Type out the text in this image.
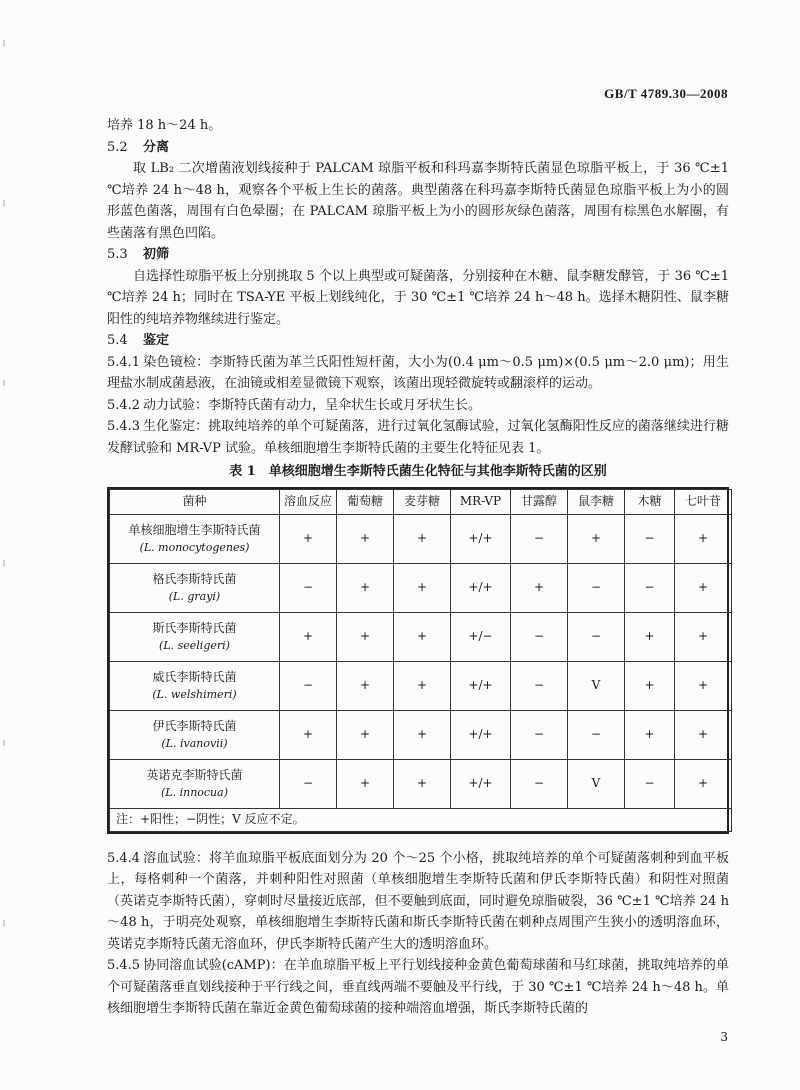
GB/T 4789.30—2008

培养 18 h～24 h。

5.2 分离

取 LB₂ 二次增菌液划线接种于 PALCAM 琼脂平板和科玛嘉李斯特氏菌显色琼脂平板上，于 36 ℃±1 ℃培养 24 h～48 h，观察各个平板上生长的菌落。典型菌落在科玛嘉李斯特氏菌显色琼脂平板上为小的圆形蓝色菌落，周围有白色晕圈；在 PALCAM 琼脂平板上为小的圆形灰绿色菌落，周围有棕黑色水解圈，有些菌落有黑色凹陷。

5.3 初筛

自选择性琼脂平板上分别挑取 5 个以上典型或可疑菌落，分别接种在木糖、鼠李糖发酵管，于 36 ℃±1 ℃培养 24 h；同时在 TSA-YE 平板上划线纯化，于 30 ℃±1 ℃培养 24 h～48 h。选择木糖阴性、鼠李糖阳性的纯培养物继续进行鉴定。

5.4 鉴定

5.4.1 染色镜检：李斯特氏菌为革兰氏阳性短杆菌，大小为(0.4 μm～0.5 μm)×(0.5 μm～2.0 μm)；用生理盐水制成菌悬液，在油镜或相差显微镜下观察，该菌出现轻微旋转或翻滚样的运动。

5.4.2 动力试验：李斯特氏菌有动力，呈伞状生长或月牙状生长。

5.4.3 生化鉴定：挑取纯培养的单个可疑菌落，进行过氧化氢酶试验，过氧化氢酶阳性反应的菌落继续进行糖发酵试验和 MR-VP 试验。单核细胞增生李斯特氏菌的主要生化特征见表 1。

表 1　单核细胞增生李斯特氏菌生化特征与其他李斯特氏菌的区别
菌种	溶血反应	葡萄糖	麦芽糖	MR-VP	甘露醇	鼠李糖	木糖	七叶苷

单核细胞增生李斯特氏菌
(L. monocytogenes)	+	+	+	+/+	−	+	−	+

格氏李斯特氏菌
(L. grayi)	−	+	+	+/+	+	−	−	+

斯氏李斯特氏菌
(L. seeligeri)	+	+	+	+/−	−	−	+	+

威氏李斯特氏菌
(L. welshimeri)	−	+	+	+/+	−	V	+	+

伊氏李斯特氏菌
(L. ivanovii)	+	+	+	+/+	−	−	+	+

英诺克李斯特氏菌
(L. innocua)	−	+	+	+/+	−	V	−	+
注：+阳性；−阴性；V 反应不定。								

5.4.4 溶血试验：将羊血琼脂平板底面划分为 20 个～25 个小格，挑取纯培养的单个可疑菌落刺种到血平板上，每格刺种一个菌落，并刺种阳性对照菌（单核细胞增生李斯特氏菌和伊氏李斯特氏菌）和阴性对照菌（英诺克李斯特氏菌），穿刺时尽量接近底部，但不要触到底面，同时避免琼脂破裂，36 ℃±1 ℃培养 24 h～48 h，于明亮处观察，单核细胞增生李斯特氏菌和斯氏李斯特氏菌在刺种点周围产生狭小的透明溶血环，英诺克李斯特氏菌无溶血环，伊氏李斯特氏菌产生大的透明溶血环。

5.4.5 协同溶血试验(cAMP)：在羊血琼脂平板上平行划线接种金黄色葡萄球菌和马红球菌，挑取纯培养的单个可疑菌落垂直划线接种于平行线之间，垂直线两端不要触及平行线，于 30 ℃±1 ℃培养 24 h～48 h。单核细胞增生李斯特氏菌在靠近金黄色葡萄球菌的接种端溶血增强，斯氏李斯特氏菌的

3
